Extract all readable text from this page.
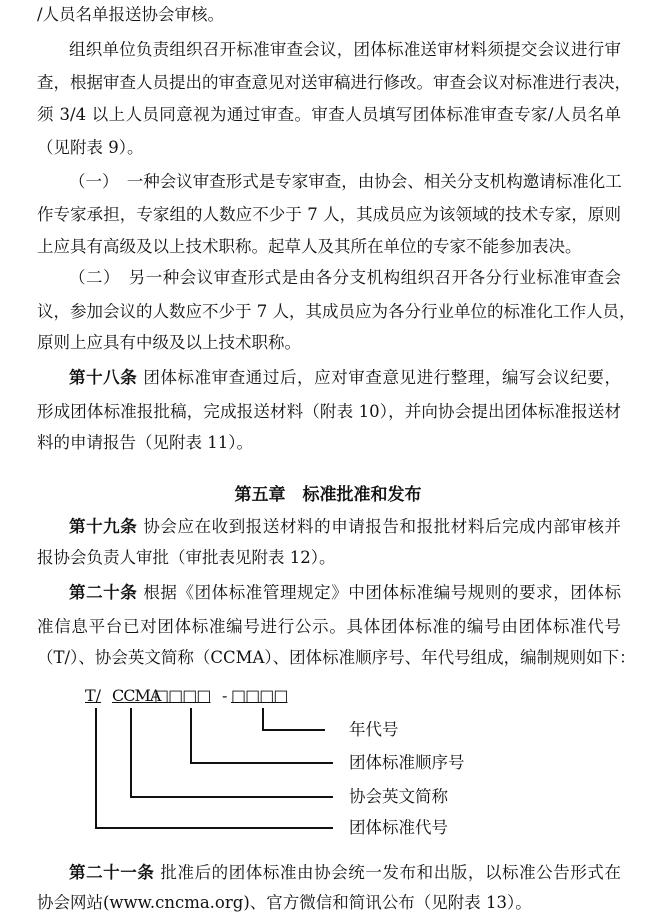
/人员名单报送协会审核。
组织单位负责组织召开标准审查会议，团体标准送审材料须提交会议进行审
查，根据审查人员提出的审查意见对送审稿进行修改。审查会议对标准进行表决，
须 3/4 以上人员同意视为通过审查。审查人员填写团体标准审查专家/人员名单
（见附表 9）。
（一）　一种会议审查形式是专家审查，由协会、相关分支机构邀请标准化工
作专家承担，专家组的人数应不少于 7 人，其成员应为该领域的技术专家，原则
上应具有高级及以上技术职称。起草人及其所在单位的专家不能参加表决。
（二）　另一种会议审查形式是由各分支机构组织召开各分行业标准审查会
议，参加会议的人数应不少于 7 人，其成员应为各分行业单位的标准化工作人员，
原则上应具有中级及以上技术职称。
第十八条 团体标准审查通过后，应对审查意见进行整理，编写会议纪要，
形成团体标准报批稿，完成报送材料（附表 10），并向协会提出团体标准报送材
料的申请报告（见附表 11）。
第五章　标准批准和发布
第十九条 协会应在收到报送材料的申请报告和报批材料后完成内部审核并
报协会负责人审批（审批表见附表 12）。
第二十条 根据《团体标准管理规定》中团体标准编号规则的要求，团体标
准信息平台已对团体标准编号进行公示。具体团体标准的编号由团体标准代号
（T/）、协会英文简称（CCMA）、团体标准顺序号、年代号组成，编制规则如下：
T/ CCMA
□□□□ - □□□□
年代号
团体标准顺序号
协会英文简称
团体标准代号
第二十一条 批准后的团体标准由协会统一发布和出版，以标准公告形式在
协会网站(www.cncma.org)、官方微信和简讯公布（见附表 13）。
